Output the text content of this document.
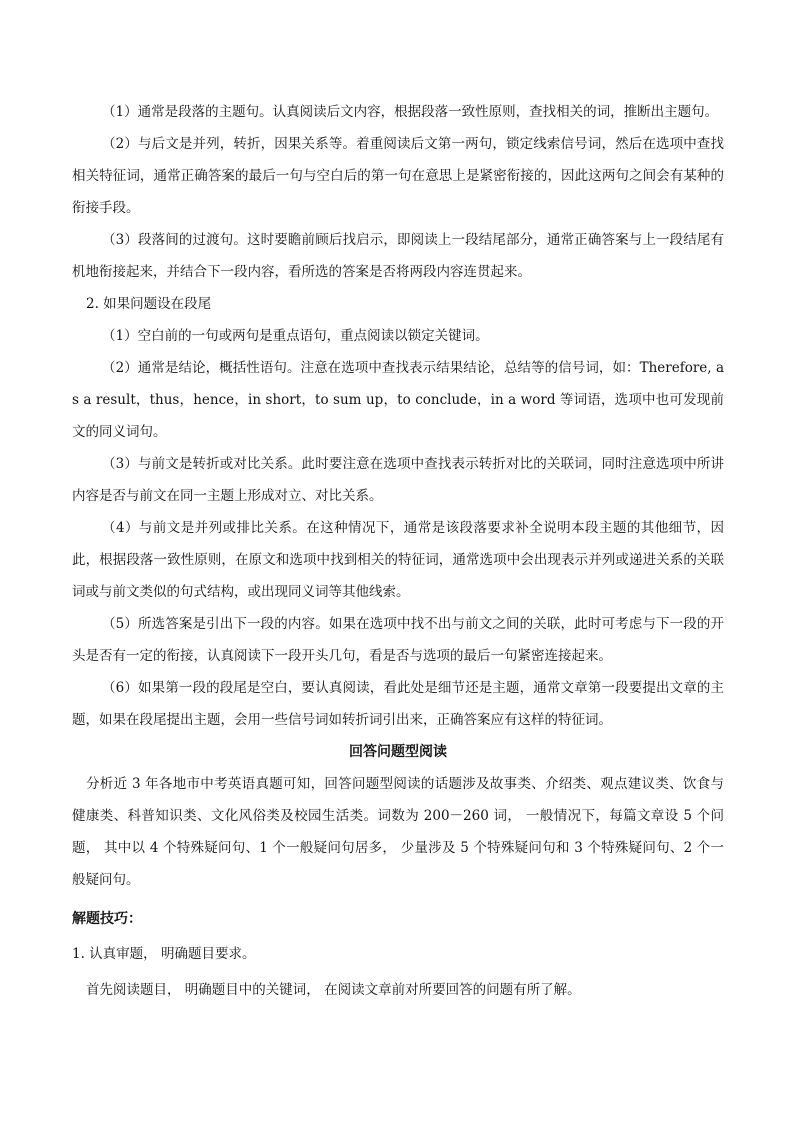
（1）通常是段落的主题句。认真阅读后文内容，根据段落一致性原则，查找相关的词，推断出主题句。

（2）与后文是并列，转折，因果关系等。着重阅读后文第一两句，锁定线索信号词，然后在选项中查找相关特征词，通常正确答案的最后一句与空白后的第一句在意思上是紧密衔接的，因此这两句之间会有某种的衔接手段。

（3）段落间的过渡句。这时要瞻前顾后找启示，即阅读上一段结尾部分，通常正确答案与上一段结尾有机地衔接起来，并结合下一段内容，看所选的答案是否将两段内容连贯起来。

2. 如果问题设在段尾

（1）空白前的一句或两句是重点语句，重点阅读以锁定关键词。

（2）通常是结论，概括性语句。注意在选项中查找表示结果结论，总结等的信号词，如：Therefore, as a result，thus，hence，in short，to sum up，to conclude，in a word 等词语，选项中也可发现前文的同义词句。

（3）与前文是转折或对比关系。此时要注意在选项中查找表示转折对比的关联词，同时注意选项中所讲内容是否与前文在同一主题上形成对立、对比关系。

（4）与前文是并列或排比关系。在这种情况下，通常是该段落要求补全说明本段主题的其他细节，因此，根据段落一致性原则，在原文和选项中找到相关的特征词，通常选项中会出现表示并列或递进关系的关联词或与前文类似的句式结构，或出现同义词等其他线索。

（5）所选答案是引出下一段的内容。如果在选项中找不出与前文之间的关联，此时可考虑与下一段的开头是否有一定的衔接，认真阅读下一段开头几句，看是否与选项的最后一句紧密连接起来。

（6）如果第一段的段尾是空白，要认真阅读，看此处是细节还是主题，通常文章第一段要提出文章的主题，如果在段尾提出主题，会用一些信号词如转折词引出来，正确答案应有这样的特征词。

回答问题型阅读

分析近 3 年各地市中考英语真题可知，回答问题型阅读的话题涉及故事类、介绍类、观点建议类、饮食与健康类、科普知识类、文化风俗类及校园生活类。词数为 200－260 词， 一般情况下，每篇文章设 5 个问题， 其中以 4 个特殊疑问句、1 个一般疑问句居多， 少量涉及 5 个特殊疑问句和 3 个特殊疑问句、2 个一般疑问句。

解题技巧：

1. 认真审题， 明确题目要求。

首先阅读题目， 明确题目中的关键词， 在阅读文章前对所要回答的问题有所了解。
